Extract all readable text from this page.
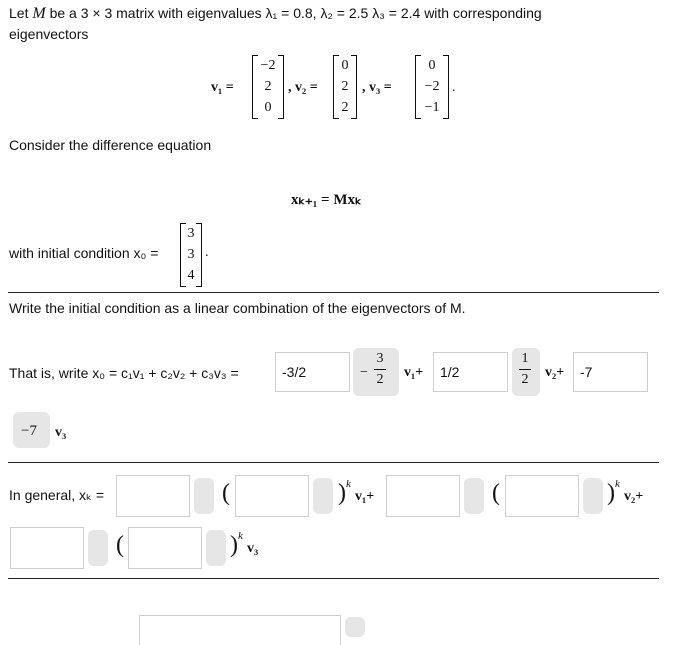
Let M be a 3 × 3 matrix with eigenvalues λ₁ = 0.8, λ₂ = 2.5 λ₃ = 2.4 with corresponding
eigenvectors
v₁ =
−2
2
0
, v₂ =
0
2
2
, v₃ =
0
−2
−1
.
Consider the difference equation
xₖ₊₁ = Mxₖ
with initial condition x₀ =
3
3
4
.
Write the initial condition as a linear combination of the eigenvectors of M.
That is, write x₀ = c₁v₁ + c₂v₂ + c₃v₃ =	-3/2	−
3
2 v₁+	1/2
1
2 v₂+	-7
−7 v₃
In general, xₖ =	(	) k
v₁+	(	) k
v₂+
(	) k
v₃
